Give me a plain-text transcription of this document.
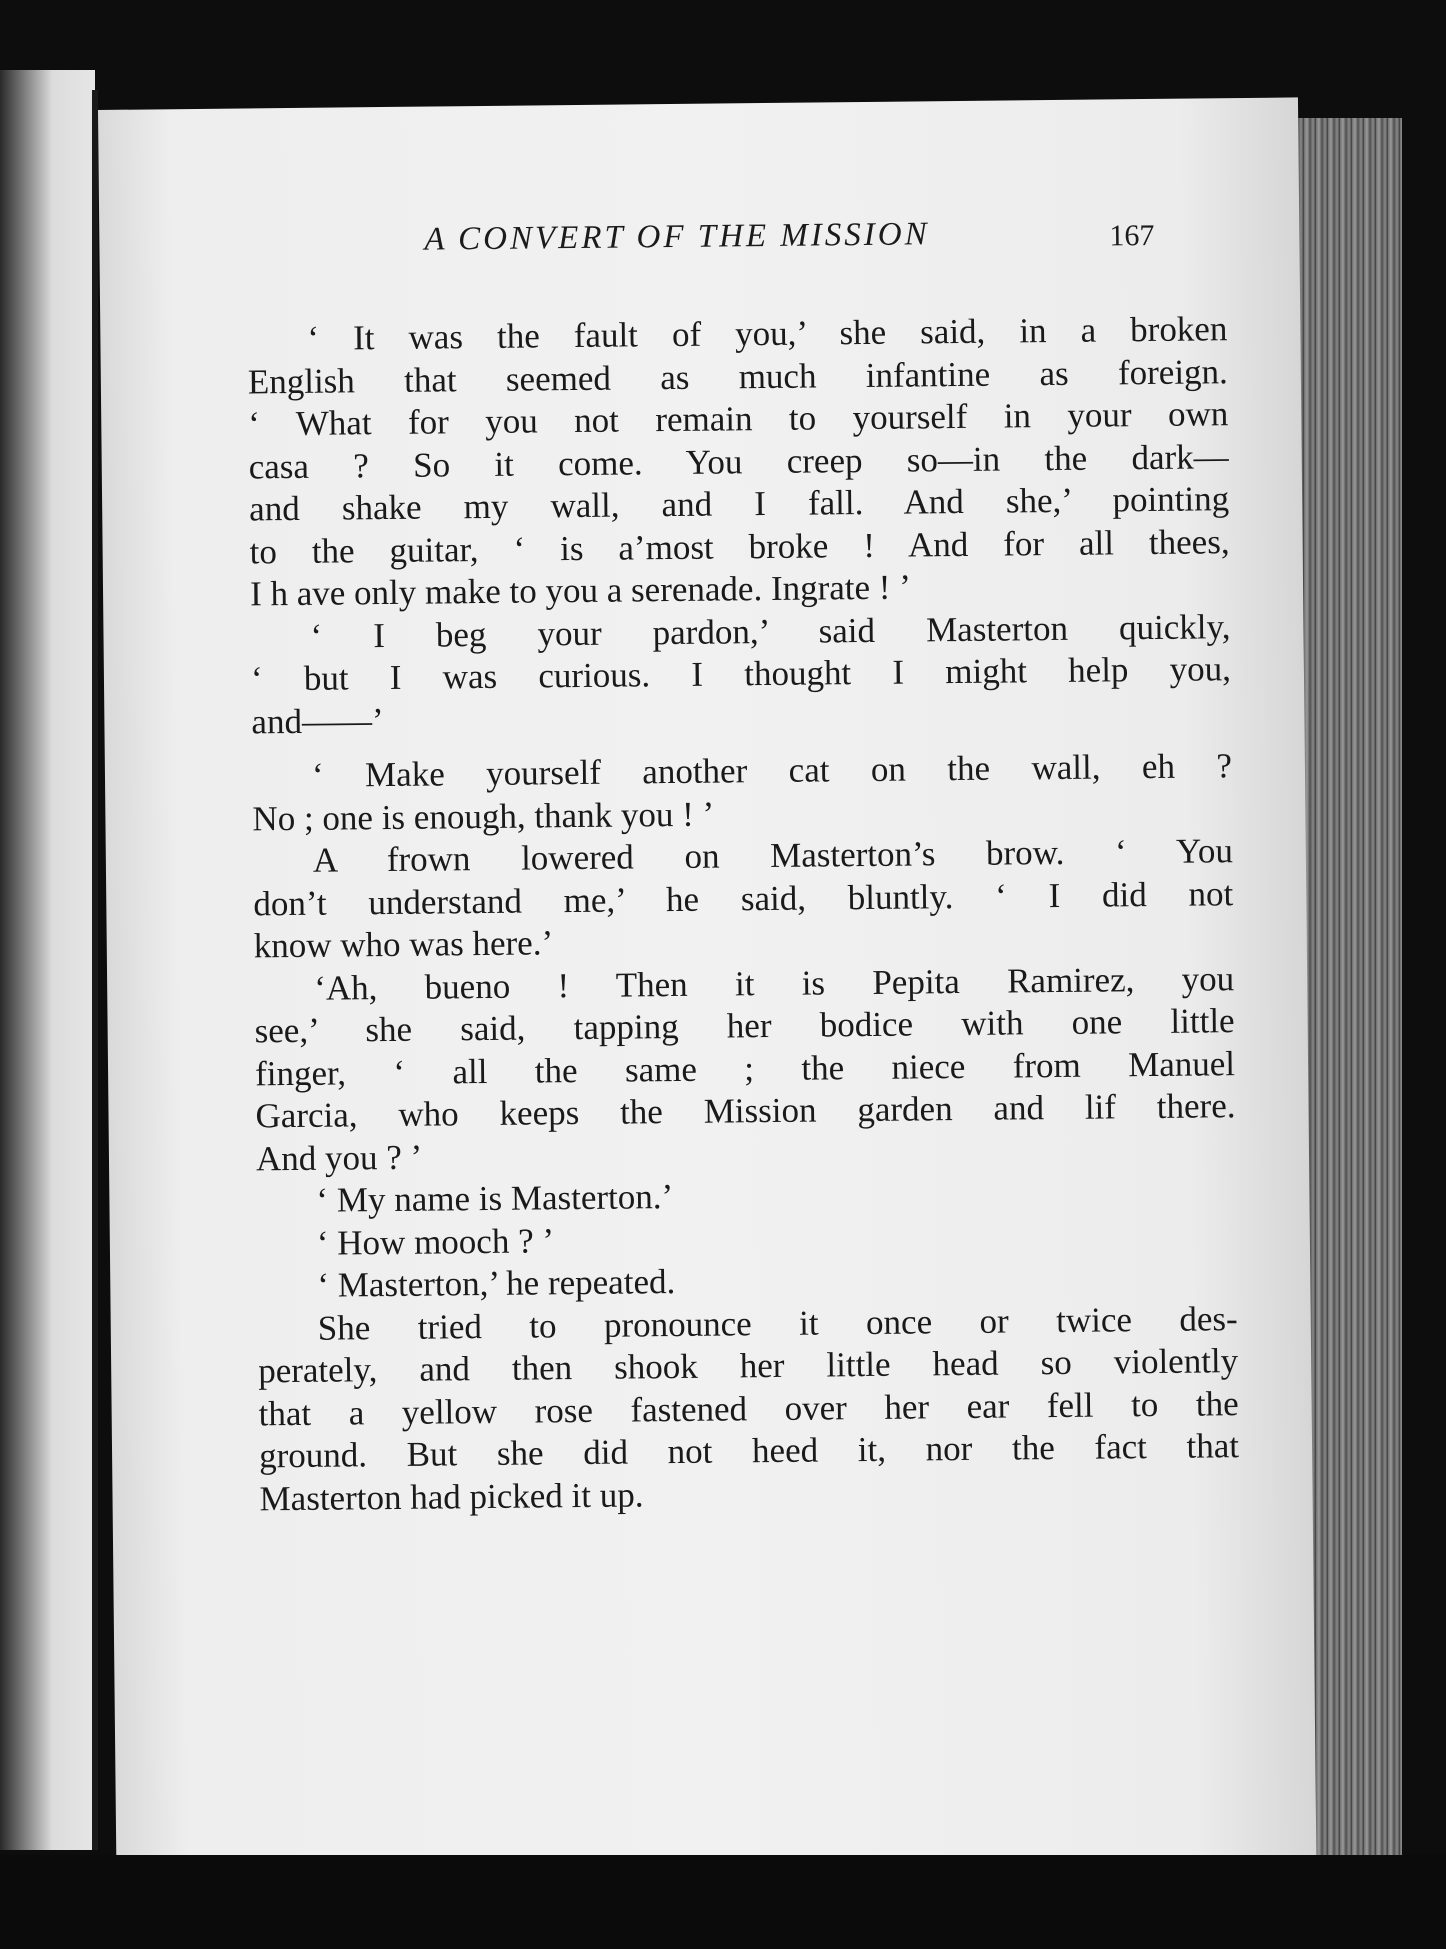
A CONVERT OF THE MISSION	167
‘ It was the fault of you,’ she said, in a broken
English that seemed as much infantine as foreign.
‘ What for you not remain to yourself in your own
casa ? So it come. You creep so—in the dark—
and shake my wall, and I fall. And she,’ pointing
to the guitar, ‘ is a’most broke ! And for all thees,
I h ave only make to you a serenade. Ingrate ! ’
‘ I beg your pardon,’ said Masterton quickly,
‘ but I was curious. I thought I might help you,
and——’
‘ Make yourself another cat on the wall, eh ?
No ; one is enough, thank you ! ’
A frown lowered on Masterton’s brow. ‘ You
don’t understand me,’ he said, bluntly. ‘ I did not
know who was here.’
‘Ah, bueno ! Then it is Pepita Ramirez, you
see,’ she said, tapping her bodice with one little
finger, ‘ all the same ; the niece from Manuel
Garcia, who keeps the Mission garden and lif there.
And you ? ’
‘ My name is Masterton.’
‘ How mooch ? ’
‘ Masterton,’ he repeated.
She tried to pronounce it once or twice des-
perately, and then shook her little head so violently
that a yellow rose fastened over her ear fell to the
ground. But she did not heed it, nor the fact that
Masterton had picked it up.
